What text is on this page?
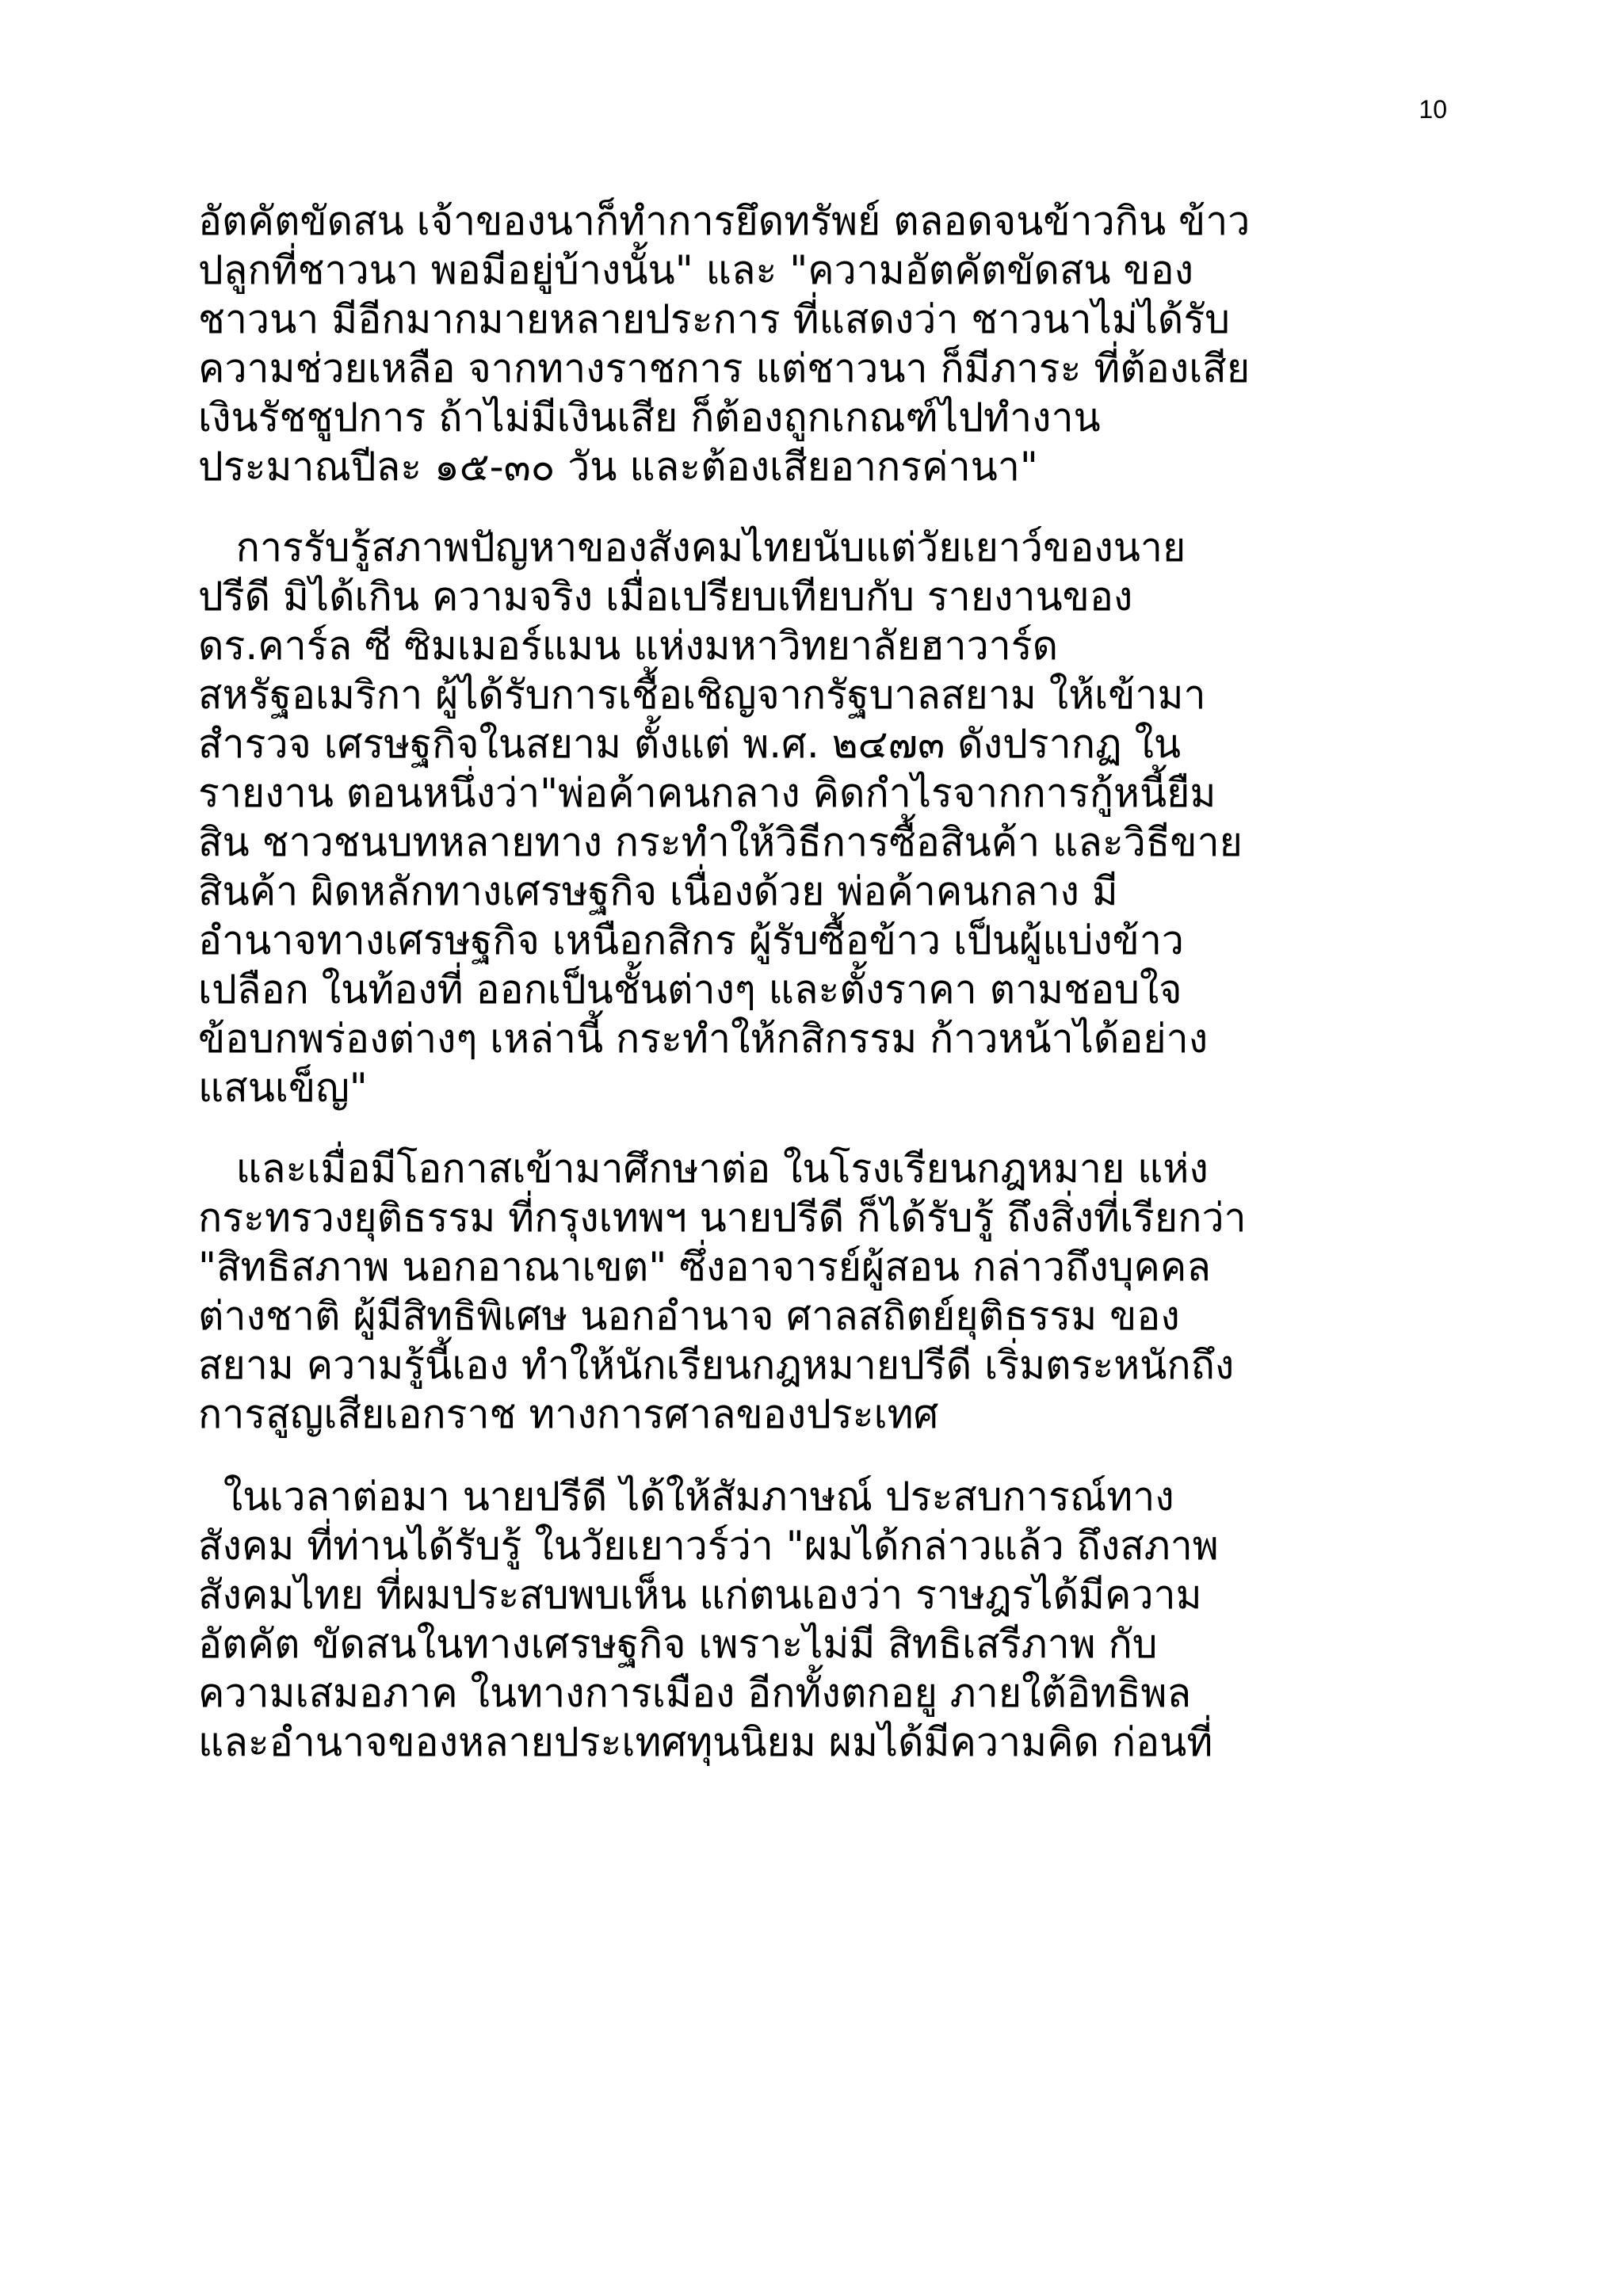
10

อัตคัตขัดสน เจ้าของนาก็ทำการยึดทรัพย์ ตลอดจนข้าวกิน ข้าว
ปลูกที่ชาวนา พอมีอยู่บ้างนั้น" และ "ความอัตคัตขัดสน ของ
ชาวนา มีอีกมากมายหลายประการ ที่แสดงว่า ชาวนาไม่ได้รับ
ความช่วยเหลือ จากทางราชการ แต่ชาวนา ก็มีภาระ ที่ต้องเสีย
เงินรัชชูปการ ถ้าไม่มีเงินเสีย ก็ต้องถูกเกณฑ์ไปทำงาน
ประมาณปีละ ๑๕-๓๐ วัน และต้องเสียอากรค่านา"

การรับรู้สภาพปัญหาของสังคมไทยนับแต่วัยเยาว์ของนาย
ปรีดี มิได้เกิน ความจริง เมื่อเปรียบเทียบกับ รายงานของ
ดร.คาร์ล ซี ซิมเมอร์แมน แห่งมหาวิทยาลัยฮาวาร์ด
สหรัฐอเมริกา ผู้ได้รับการเชื้อเชิญจากรัฐบาลสยาม ให้เข้ามา
สำรวจ เศรษฐกิจในสยาม ตั้งแต่ พ.ศ. ๒๔๗๓ ดังปรากฏ ใน
รายงาน ตอนหนึ่งว่า"พ่อค้าคนกลาง คิดกำไรจากการกู้หนี้ยืม
สิน ชาวชนบทหลายทาง กระทำให้วิธีการซื้อสินค้า และวิธีขาย
สินค้า ผิดหลักทางเศรษฐกิจ เนื่องด้วย พ่อค้าคนกลาง มี
อำนาจทางเศรษฐกิจ เหนือกสิกร ผู้รับซื้อข้าว เป็นผู้แบ่งข้าว
เปลือก ในท้องที่ ออกเป็นชั้นต่างๆ และตั้งราคา ตามชอบใจ
ข้อบกพร่องต่างๆ เหล่านี้ กระทำให้กสิกรรม ก้าวหน้าได้อย่าง
แสนเข็ญ"

และเมื่อมีโอกาสเข้ามาศึกษาต่อ ในโรงเรียนกฎหมาย แห่ง
กระทรวงยุติธรรม ที่กรุงเทพฯ นายปรีดี ก็ได้รับรู้ ถึงสิ่งที่เรียกว่า
"สิทธิสภาพ นอกอาณาเขต" ซึ่งอาจารย์ผู้สอน กล่าวถึงบุคคล
ต่างชาติ ผู้มีสิทธิพิเศษ นอกอำนาจ ศาลสถิตย์ยุติธรรม ของ
สยาม ความรู้นี้เอง ทำให้นักเรียนกฎหมายปรีดี เริ่มตระหนักถึง
การสูญเสียเอกราช ทางการศาลของประเทศ

ในเวลาต่อมา นายปรีดี ได้ให้สัมภาษณ์ ประสบการณ์ทาง
สังคม ที่ท่านได้รับรู้ ในวัยเยาวร์ว่า "ผมได้กล่าวแล้ว ถึงสภาพ
สังคมไทย ที่ผมประสบพบเห็น แก่ตนเองว่า ราษฎรได้มีความ
อัตคัต ขัดสนในทางเศรษฐกิจ เพราะไม่มี สิทธิเสรีภาพ กับ
ความเสมอภาค ในทางการเมือง อีกทั้งตกอยู ภายใต้อิทธิพล
และอำนาจของหลายประเทศทุนนิยม ผมได้มีความคิด ก่อนที่
